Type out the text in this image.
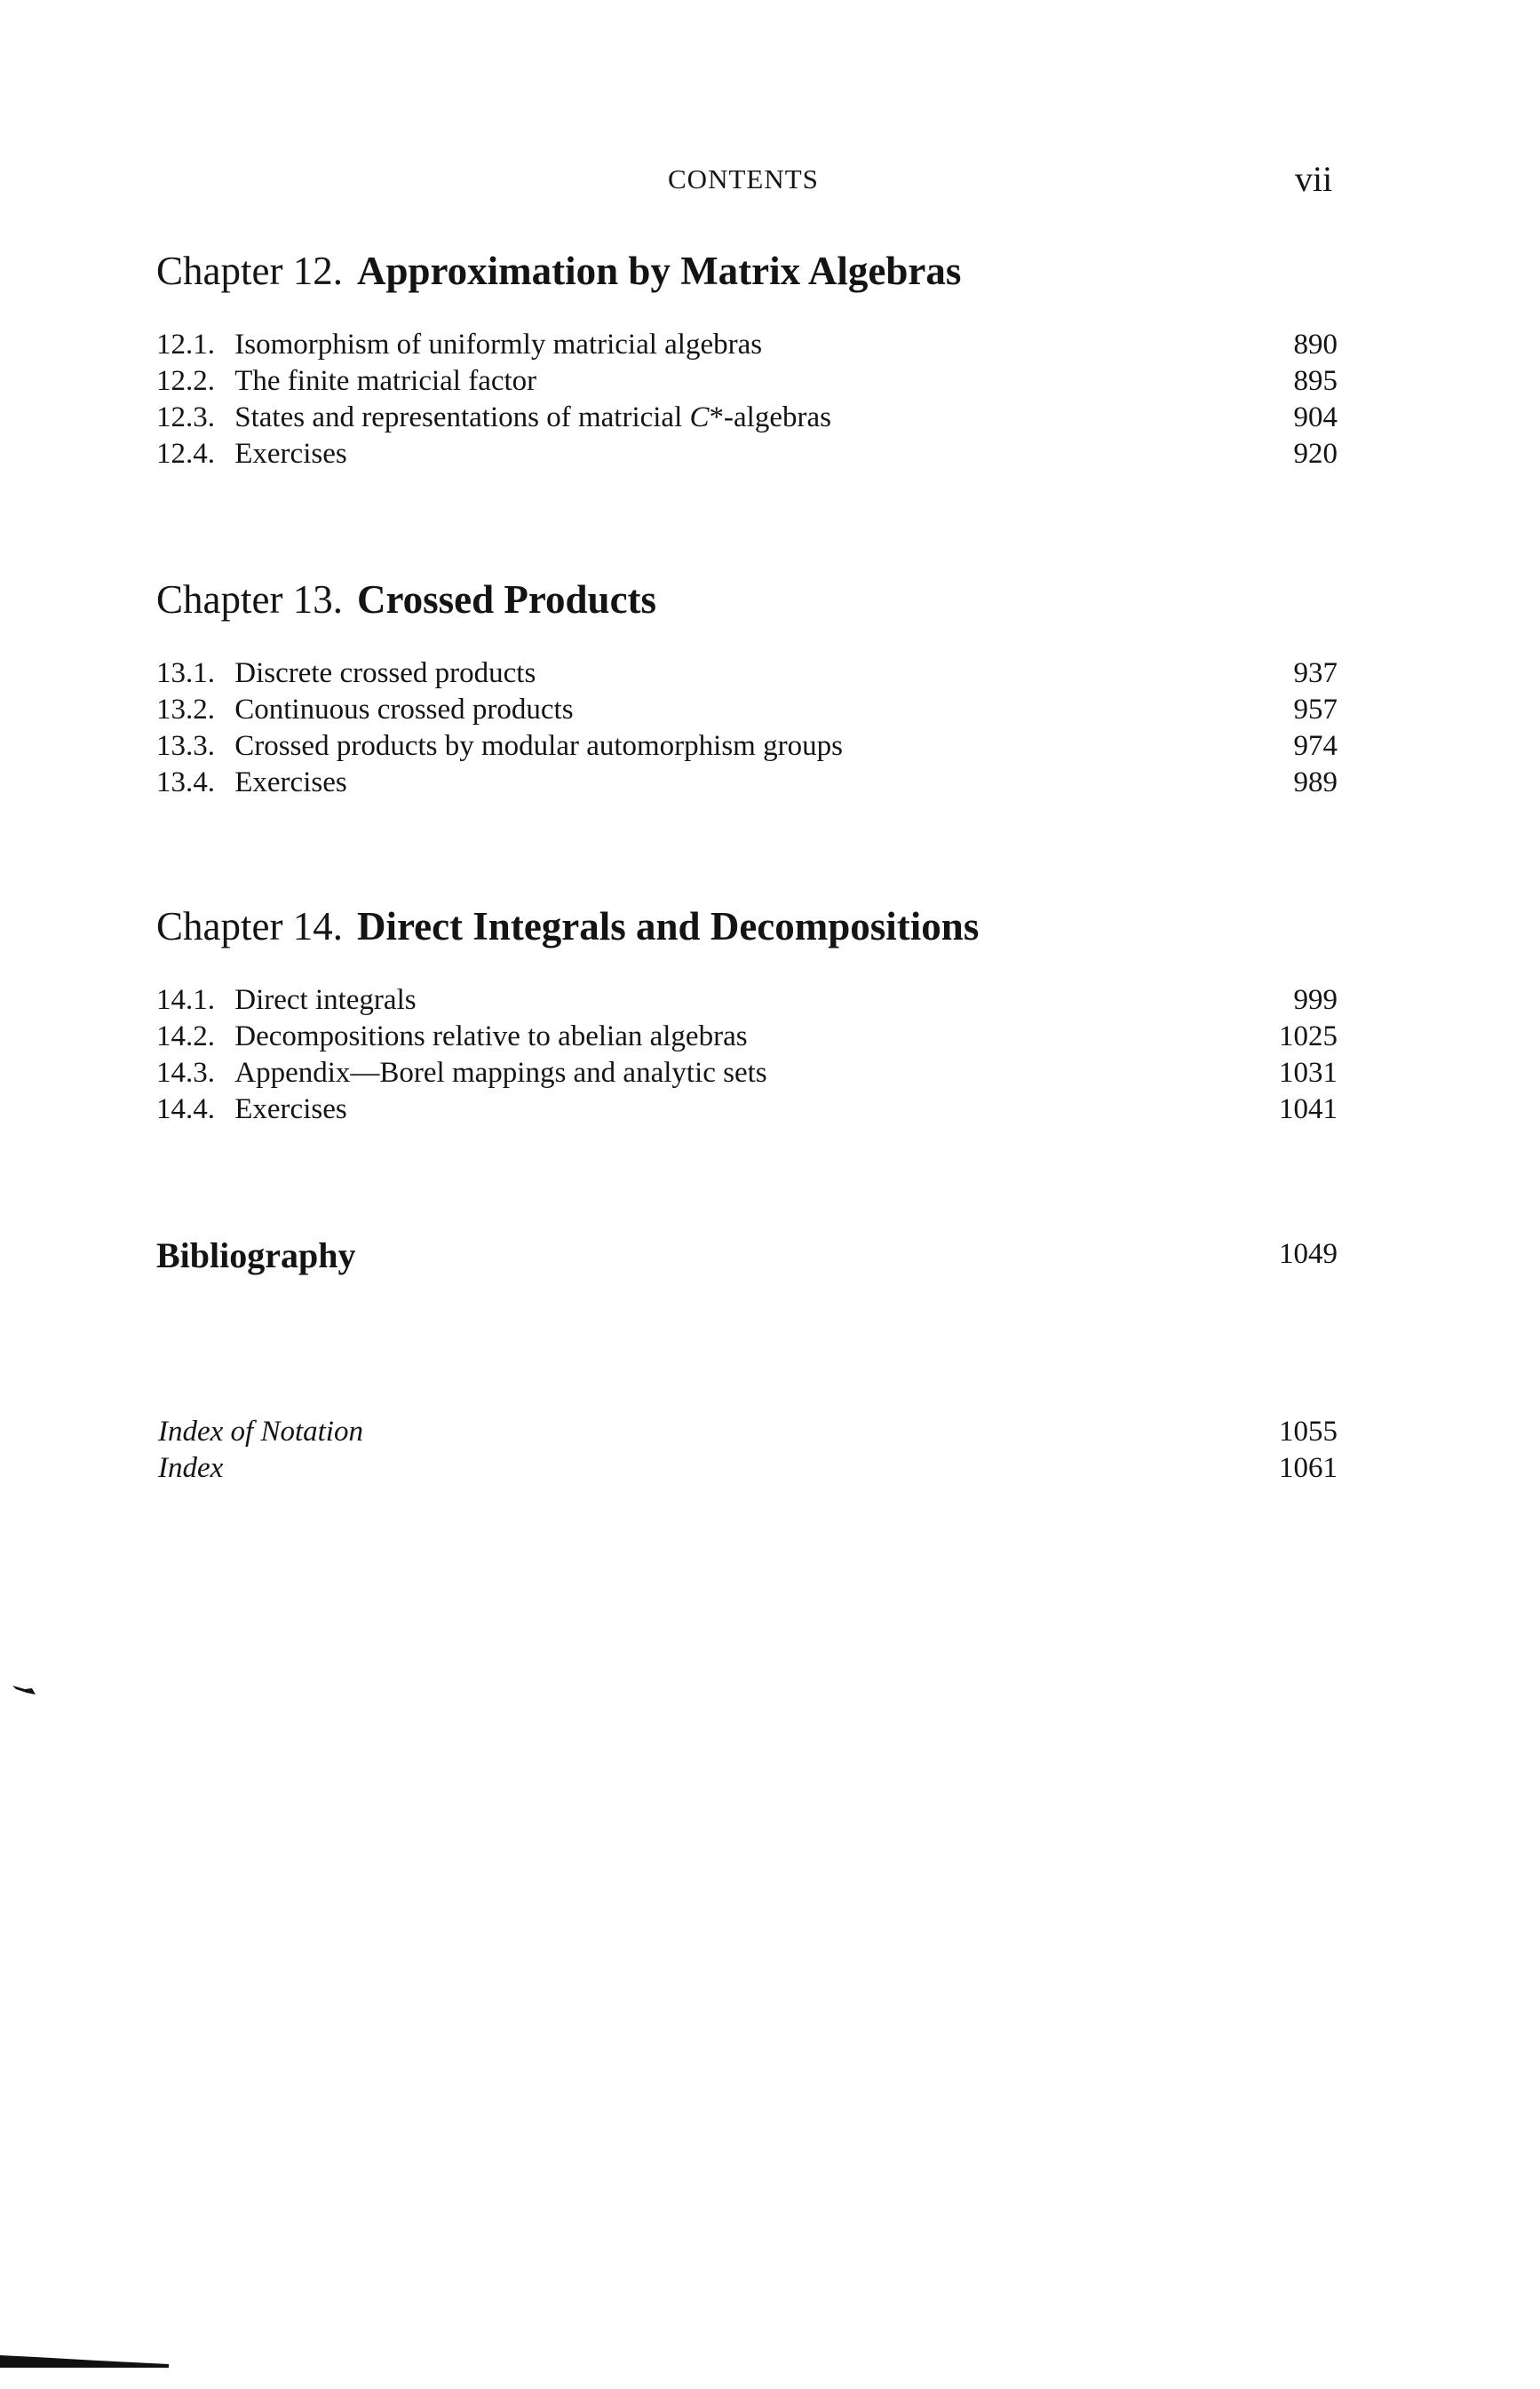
CONTENTS	vii
Chapter 12. Approximation by Matrix Algebras
12.1. Isomorphism of uniformly matricial algebras	890
12.2. The finite matricial factor	895
12.3. States and representations of matricial C*-algebras	904
12.4. Exercises	920
Chapter 13. Crossed Products
13.1. Discrete crossed products	937
13.2. Continuous crossed products	957
13.3. Crossed products by modular automorphism groups	974
13.4. Exercises	989
Chapter 14. Direct Integrals and Decompositions
14.1. Direct integrals	999
14.2. Decompositions relative to abelian algebras	1025
14.3. Appendix—Borel mappings and analytic sets	1031
14.4. Exercises	1041
Bibliography	1049
Index of Notation	1055
Index	1061
